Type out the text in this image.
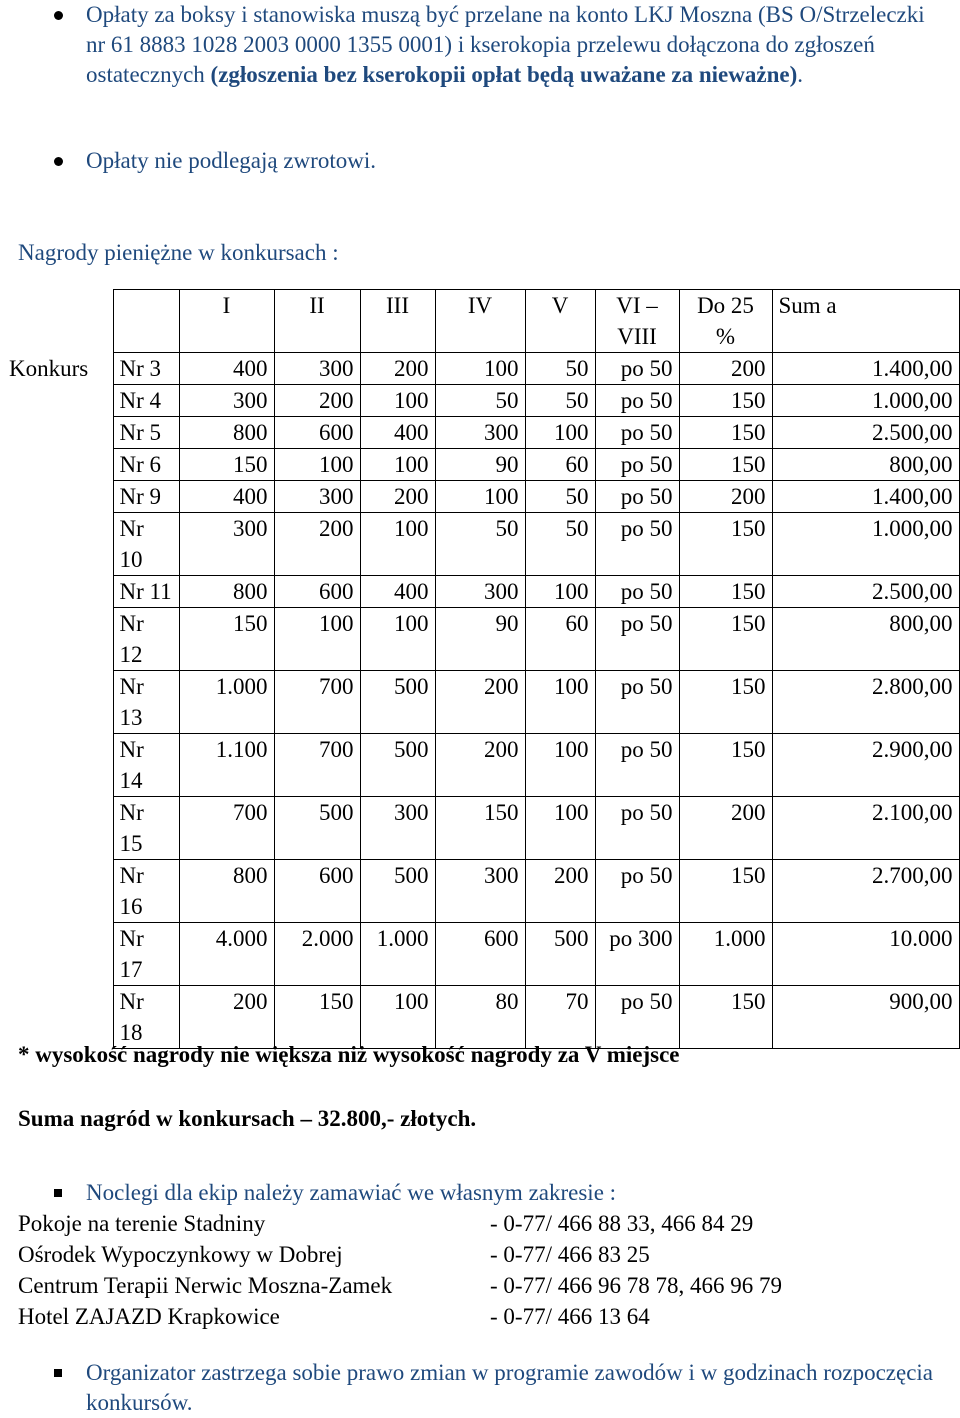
Opłaty za boksy i stanowiska muszą być przelane na konto LKJ Moszna (BS O/Strzeleczki nr 61 8883 1028 2003 0000 1355 0001) i kserokopia przelewu dołączona do zgłoszeń ostatecznych (zgłoszenia bez kserokopii opłat będą uważane za nieważne).
Opłaty nie podlegają zwrotowi.
Nagrody pieniężne w konkursach :
		I	II	III	IV	V	VI – VIII	Do 25 %	Sum a
Konkurs	Nr 3	400	300	200	100	50	po 50	200	1.400,00
	Nr 4	300	200	100	50	50	po 50	150	1.000,00
	Nr 5	800	600	400	300	100	po 50	150	2.500,00
	Nr 6	150	100	100	90	60	po 50	150	800,00
	Nr 9	400	300	200	100	50	po 50	200	1.400,00
	Nr 10	300	200	100	50	50	po 50	150	1.000,00
	Nr 11	800	600	400	300	100	po 50	150	2.500,00
	Nr 12	150	100	100	90	60	po 50	150	800,00
	Nr 13	1.000	700	500	200	100	po 50	150	2.800,00
	Nr 14	1.100	700	500	200	100	po 50	150	2.900,00
	Nr 15	700	500	300	150	100	po 50	200	2.100,00
	Nr 16	800	600	500	300	200	po 50	150	2.700,00
	Nr 17	4.000	2.000	1.000	600	500	po 300	1.000	10.000
	Nr 18	200	150	100	80	70	po 50	150	900,00
* wysokość nagrody nie większa niż wysokość nagrody za V miejsce
Suma nagród w konkursach – 32.800,- złotych.
Noclegi dla ekip należy zamawiać we własnym zakresie :
Pokoje na terenie Stadniny	- 0-77/ 466 88 33, 466 84 29
Ośrodek Wypoczynkowy w Dobrej	- 0-77/ 466 83 25
Centrum Terapii Nerwic Moszna-Zamek	- 0-77/ 466 96 78 78, 466 96 79
Hotel ZAJAZD Krapkowice	- 0-77/ 466 13 64
Organizator zastrzega sobie prawo zmian w programie zawodów i w godzinach rozpoczęcia konkursów.
